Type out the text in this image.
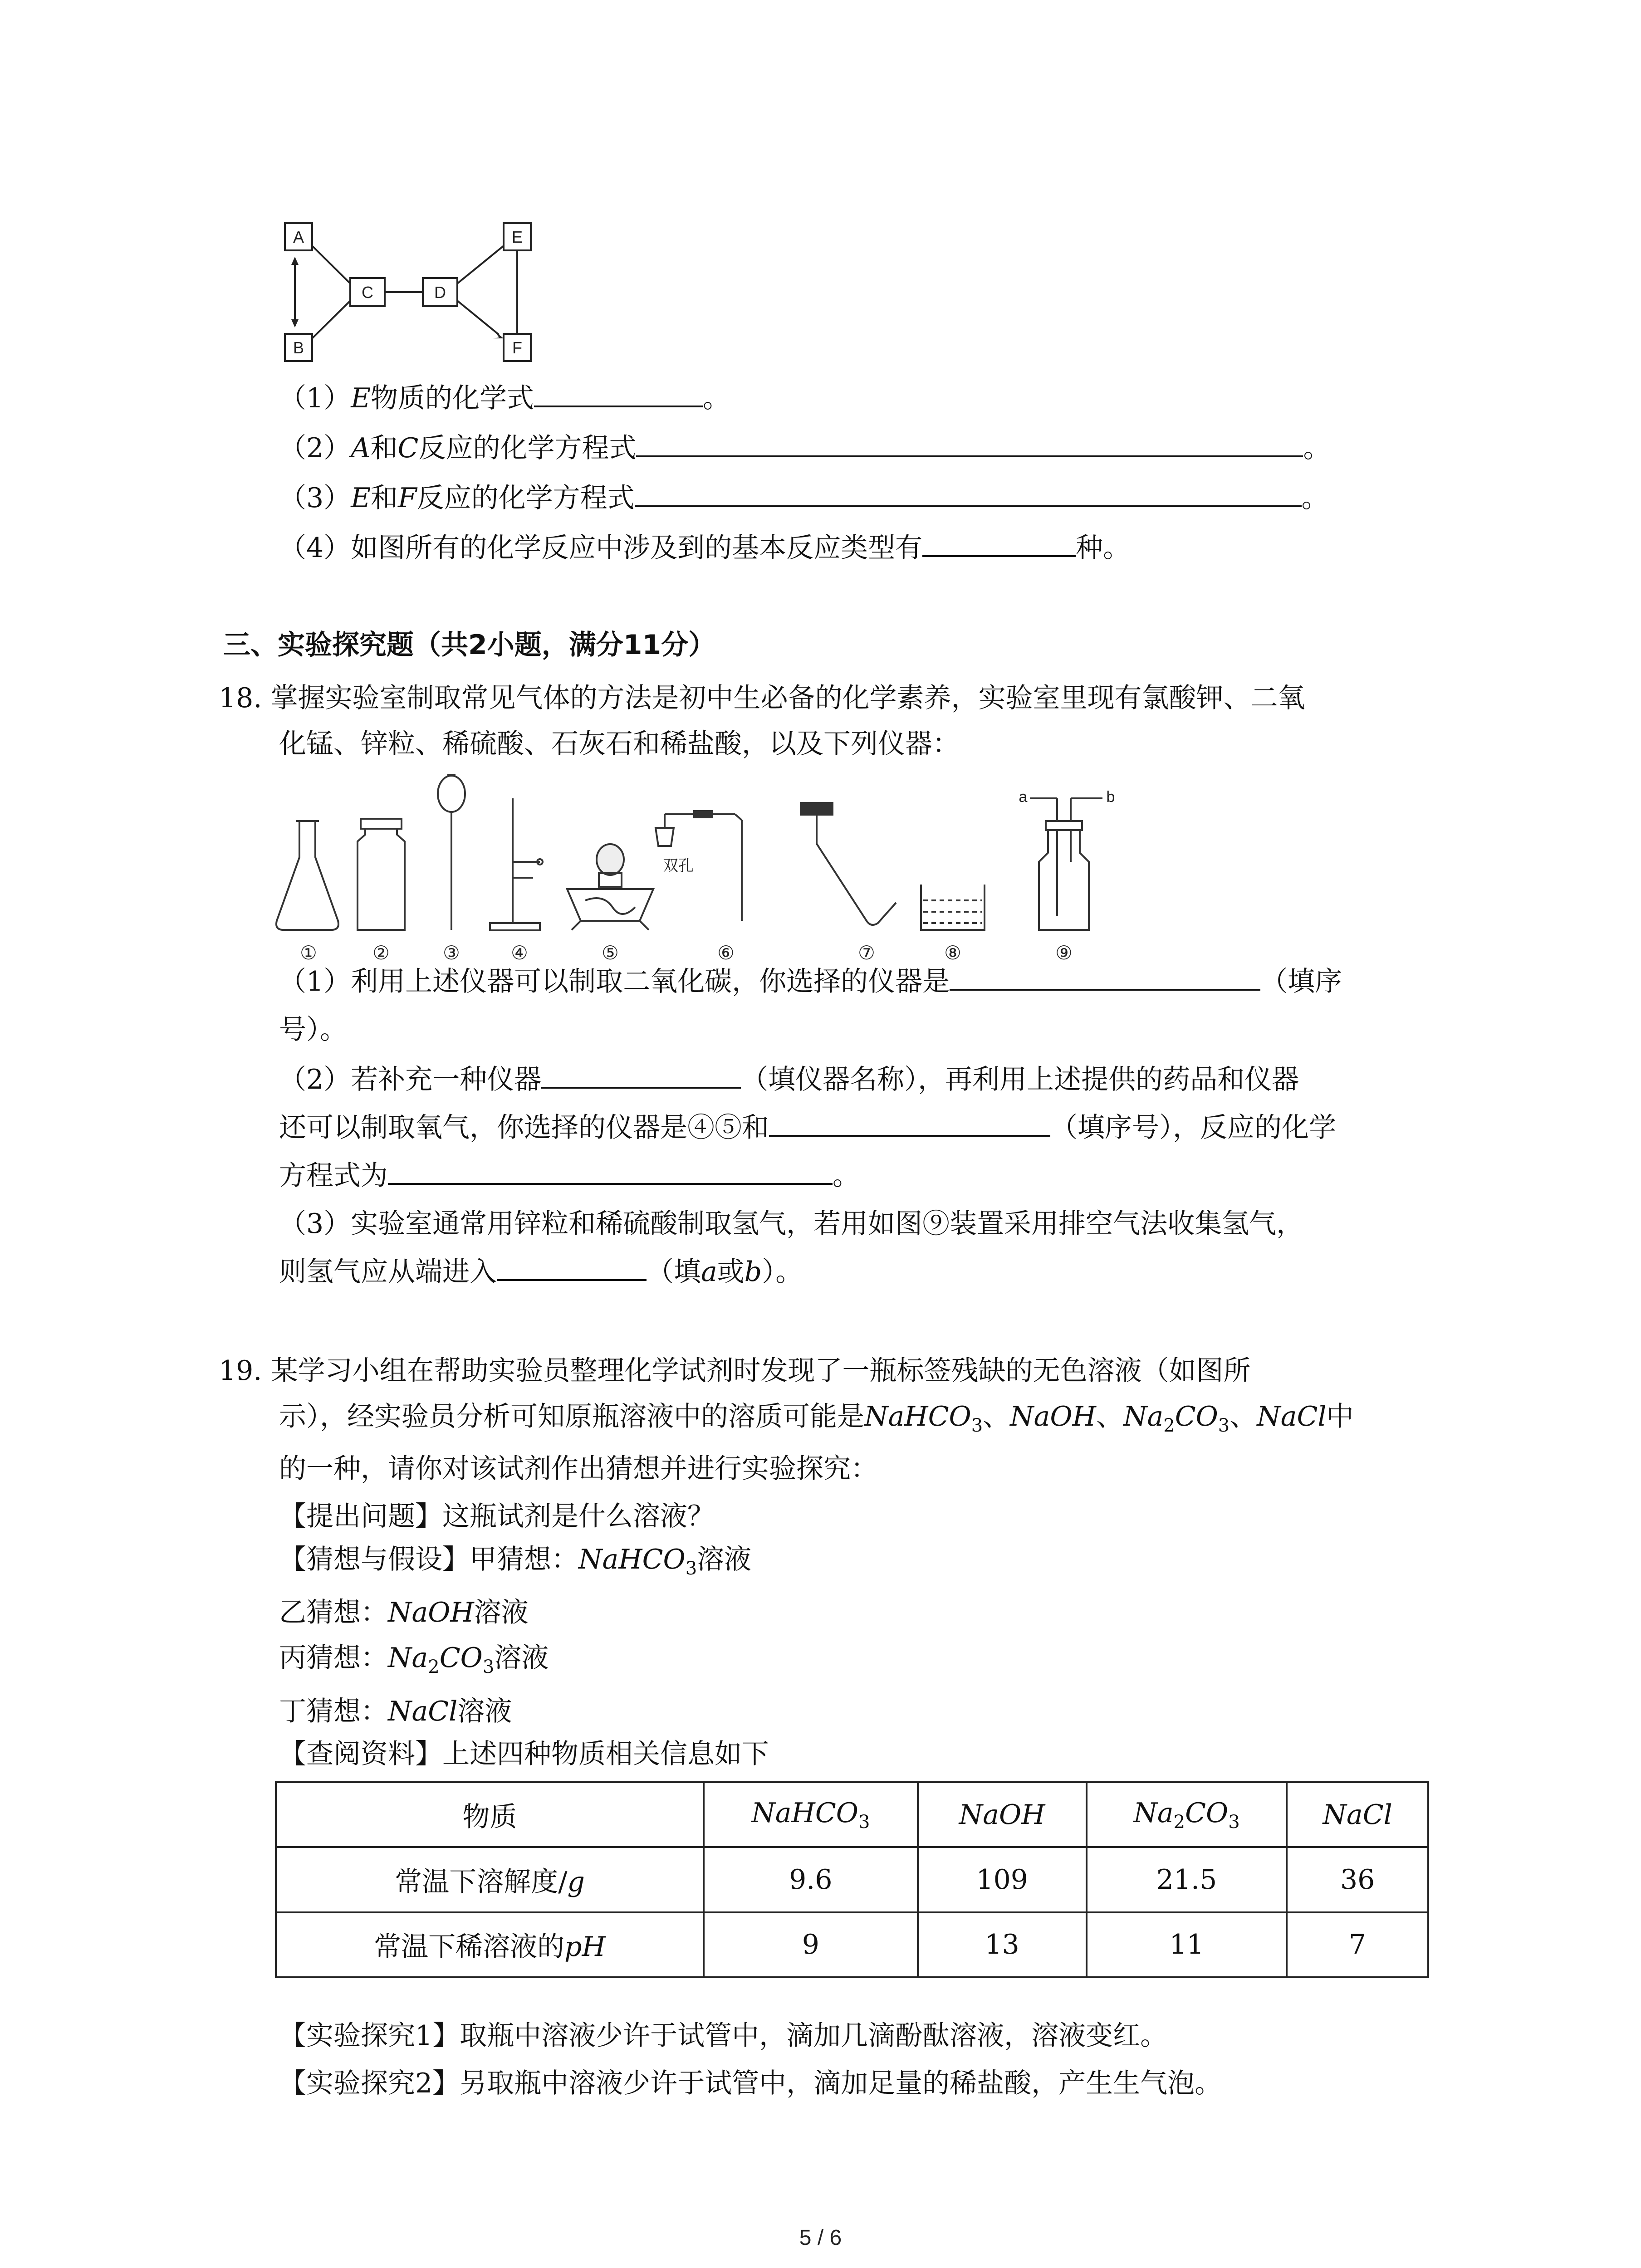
A
B
C	D
E
F
（1）E物质的化学式	。
（2）A和C反应的化学方程式	。
（3）E和F反应的化学方程式	。
（4）如图所有的化学反应中涉及到的基本反应类型有	种。
三、实验探究题（共2小题，满分11分）
18. 掌握实验室制取常见气体的方法是初中生必备的化学素养，实验室里现有氯酸钾、二氧
化锰、锌粒、稀硫酸、石灰石和稀盐酸，以及下列仪器：
①	②	③	④	⑤	⑥	⑦	⑧	⑨
双孔
a	b
（1）利用上述仪器可以制取二氧化碳，你选择的仪器是	（填序
号）。
（2）若补充一种仪器	（填仪器名称），再利用上述提供的药品和仪器
还可以制取氧气，你选择的仪器是④⑤和	（填序号），反应的化学
方程式为	。
（3）实验室通常用锌粒和稀硫酸制取氢气，若用如图⑨装置采用排空气法收集氢气，
则氢气应从端进入	（填a或b）。
19. 某学习小组在帮助实验员整理化学试剂时发现了一瓶标签残缺的无色溶液（如图所
示），经实验员分析可知原瓶溶液中的溶质可能是NaHCO$_3$、NaOH、$Na_2CO_3$、NaCl中
的一种，请你对该试剂作出猜想并进行实验探究：
【提出问题】这瓶试剂是什么溶液？
【猜想与假设】甲猜想：NaHCO$_3$溶液
乙猜想：NaOH溶液
丙猜想：$Na_2CO_3$溶液
丁猜想：NaCl溶液
【查阅资料】上述四种物质相关信息如下
物质	NaHCO$_3$	NaOH	$Na_2CO_3$	NaCl
常温下溶解度/g	9.6	109	21.5	36
常温下稀溶液的pH	9	13	11	7
【实验探究1】取瓶中溶液少许于试管中，滴加几滴酚酞溶液，溶液变红。
【实验探究2】另取瓶中溶液少许于试管中，滴加足量的稀盐酸，产生生气泡。
5 / 6
